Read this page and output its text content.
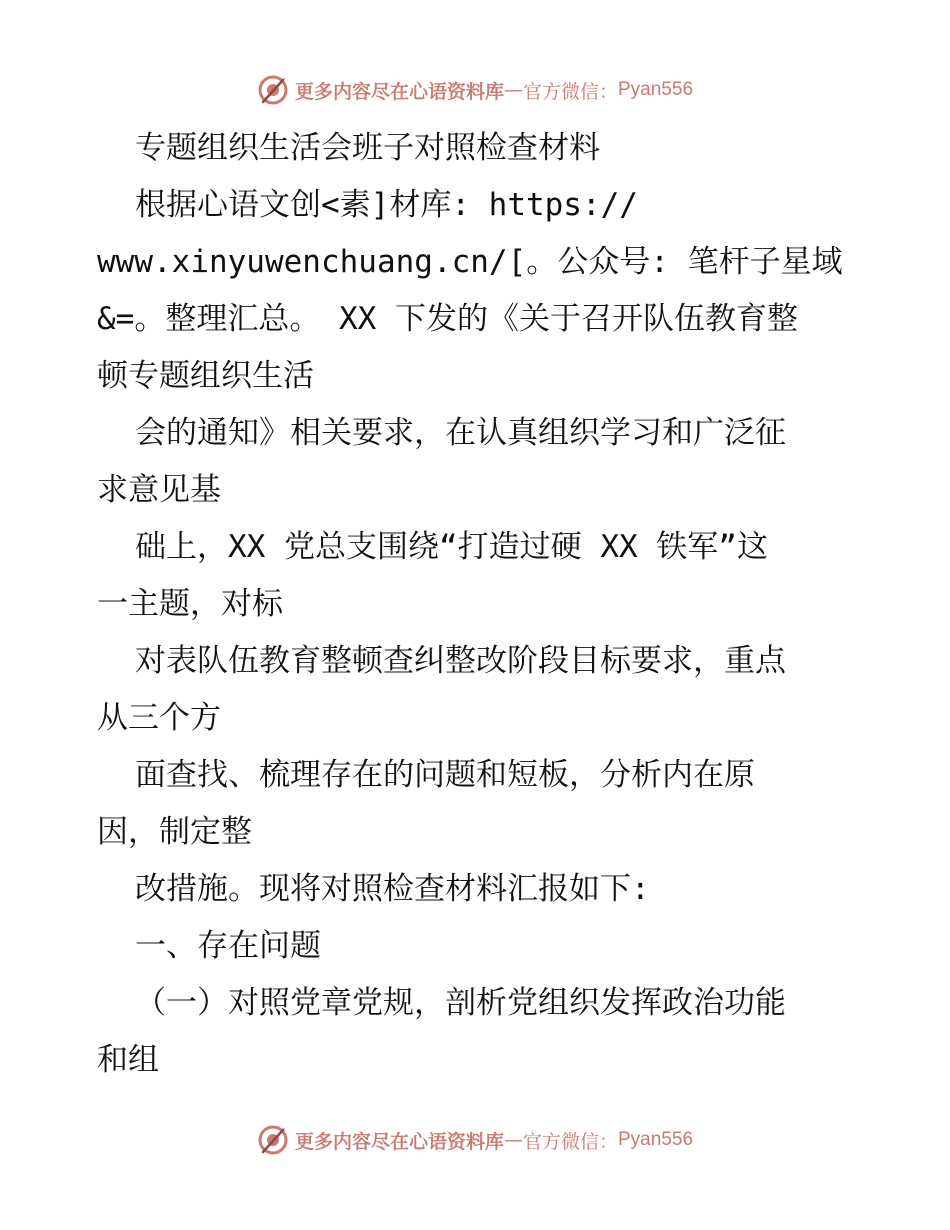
更多内容尽在心语资料库 — 官方微信： Pyan556
专题组织生活会班子对照检查材料
根据心语文创<素]材库: https://
www.xinyuwenchuang.cn/[。公众号: 笔杆子星域
&=。整理汇总。 XX 下发的《关于召开队伍教育整
顿专题组织生活
会的通知》相关要求，在认真组织学习和广泛征
求意见基
础上，XX 党总支围绕“打造过硬 XX 铁军”这
一主题，对标
对表队伍教育整顿查纠整改阶段目标要求，重点
从三个方
面查找、梳理存在的问题和短板，分析内在原
因，制定整
改措施。现将对照检查材料汇报如下:
一、存在问题
（一）对照党章党规，剖析党组织发挥政治功能
和组
更多内容尽在心语资料库 — 官方微信： Pyan556
